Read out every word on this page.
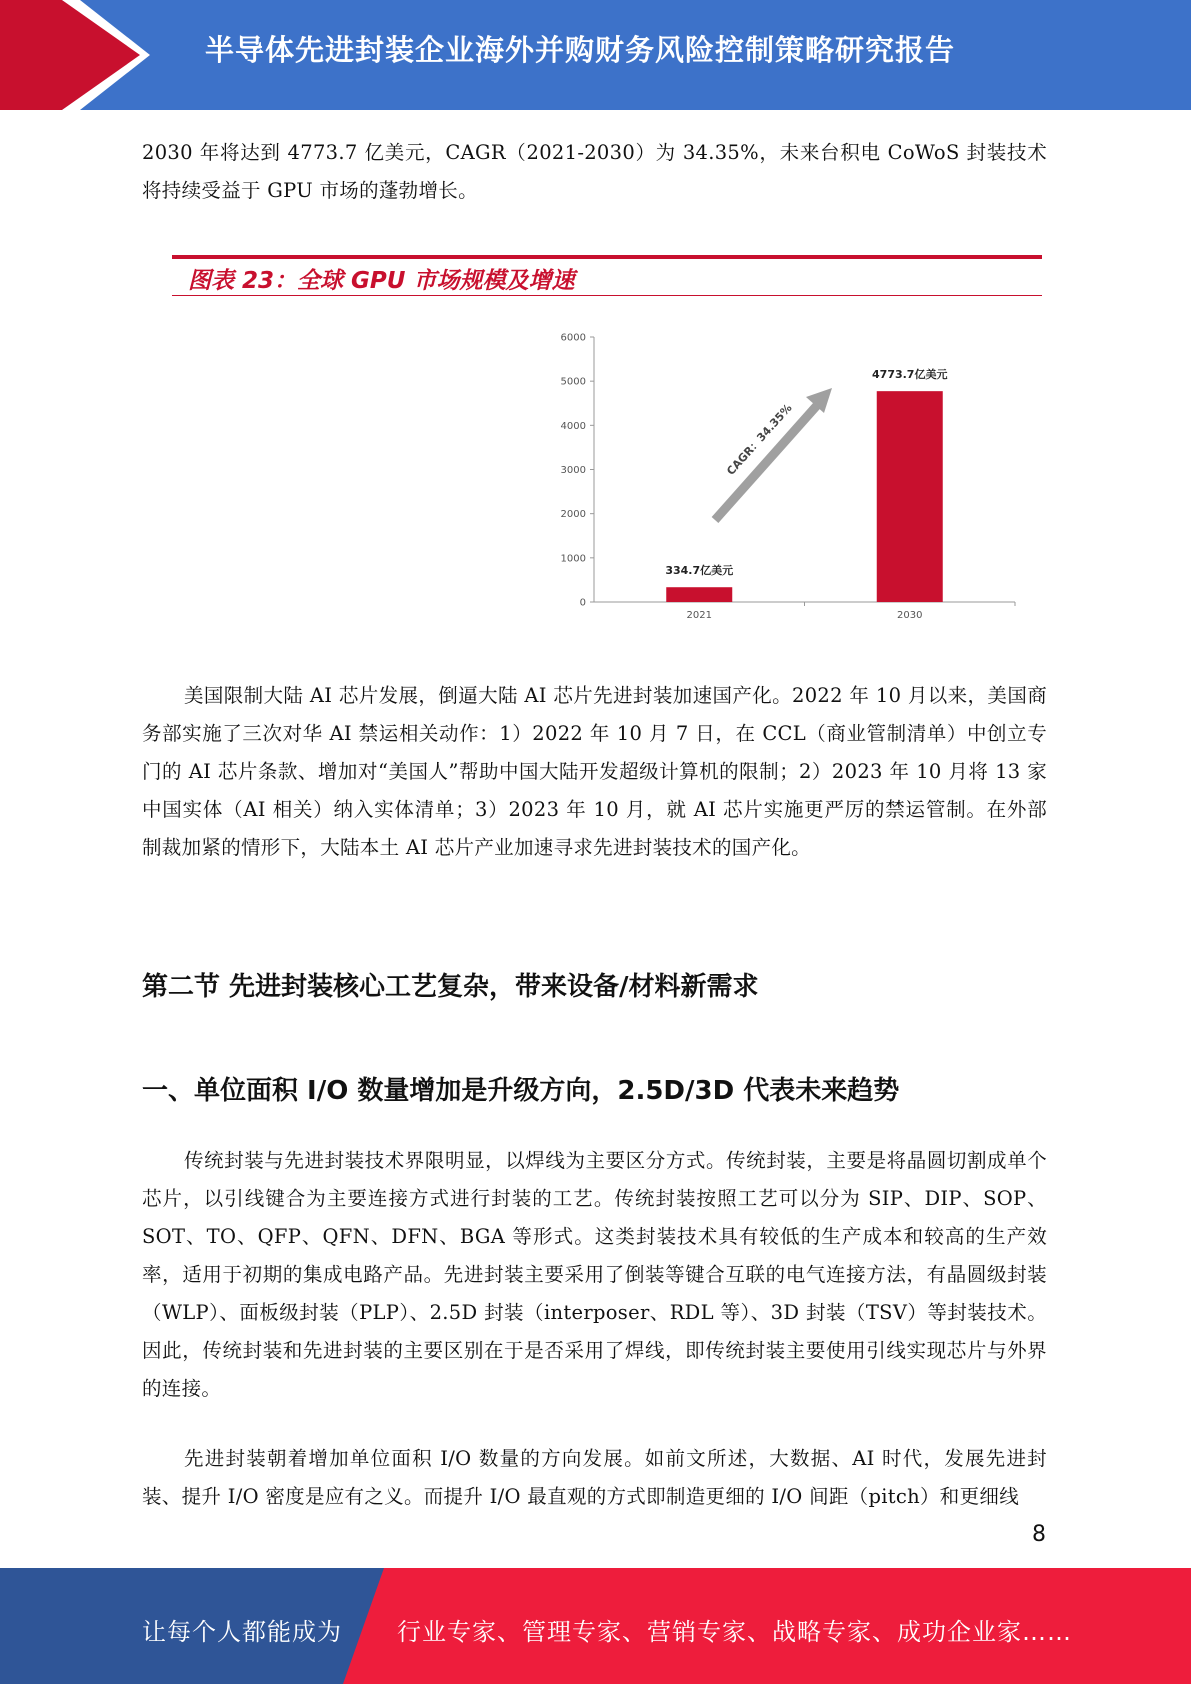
半导体先进封装企业海外并购财务风险控制策略研究报告

2030 年将达到 4773.7 亿美元，CAGR（2021-2030）为 34.35%，未来台积电 CoWoS 封装技术将持续受益于 GPU 市场的蓬勃增长。

图表 23：全球 GPU 市场规模及增速
0
1000
2000
3000
4000
5000
6000
2021	2030
334.7亿美元
4773.7亿美元
CAGR：34.35%

美国限制大陆 AI 芯片发展，倒逼大陆 AI 芯片先进封装加速国产化。2022 年 10 月以来，美国商务部实施了三次对华 AI 禁运相关动作：1）2022 年 10 月 7 日，在 CCL（商业管制清单）中创立专门的 AI 芯片条款、增加对“美国人”帮助中国大陆开发超级计算机的限制；2）2023 年 10 月将 13 家中国实体（AI 相关）纳入实体清单；3）2023 年 10 月，就 AI 芯片实施更严厉的禁运管制。在外部制裁加紧的情形下，大陆本土 AI 芯片产业加速寻求先进封装技术的国产化。

第二节 先进封装核心工艺复杂，带来设备/材料新需求
一、单位面积 I/O 数量增加是升级方向，2.5D/3D 代表未来趋势

传统封装与先进封装技术界限明显，以焊线为主要区分方式。传统封装，主要是将晶圆切割成单个芯片，以引线键合为主要连接方式进行封装的工艺。传统封装按照工艺可以分为 SIP、DIP、SOP、SOT、TO、QFP、QFN、DFN、BGA 等形式。这类封装技术具有较低的生产成本和较高的生产效率，适用于初期的集成电路产品。先进封装主要采用了倒装等键合互联的电气连接方法，有晶圆级封装（WLP）、面板级封装（PLP）、2.5D 封装（interposer、RDL 等）、3D 封装（TSV）等封装技术。因此，传统封装和先进封装的主要区别在于是否采用了焊线，即传统封装主要使用引线实现芯片与外界的连接。

先进封装朝着增加单位面积 I/O 数量的方向发展。如前文所述，大数据、AI 时代，发展先进封装、提升 I/O 密度是应有之义。而提升 I/O 最直观的方式即制造更细的 I/O 间距（pitch）和更细线

8
让每个人都能成为 行业专家、管理专家、营销专家、战略专家、成功企业家……
